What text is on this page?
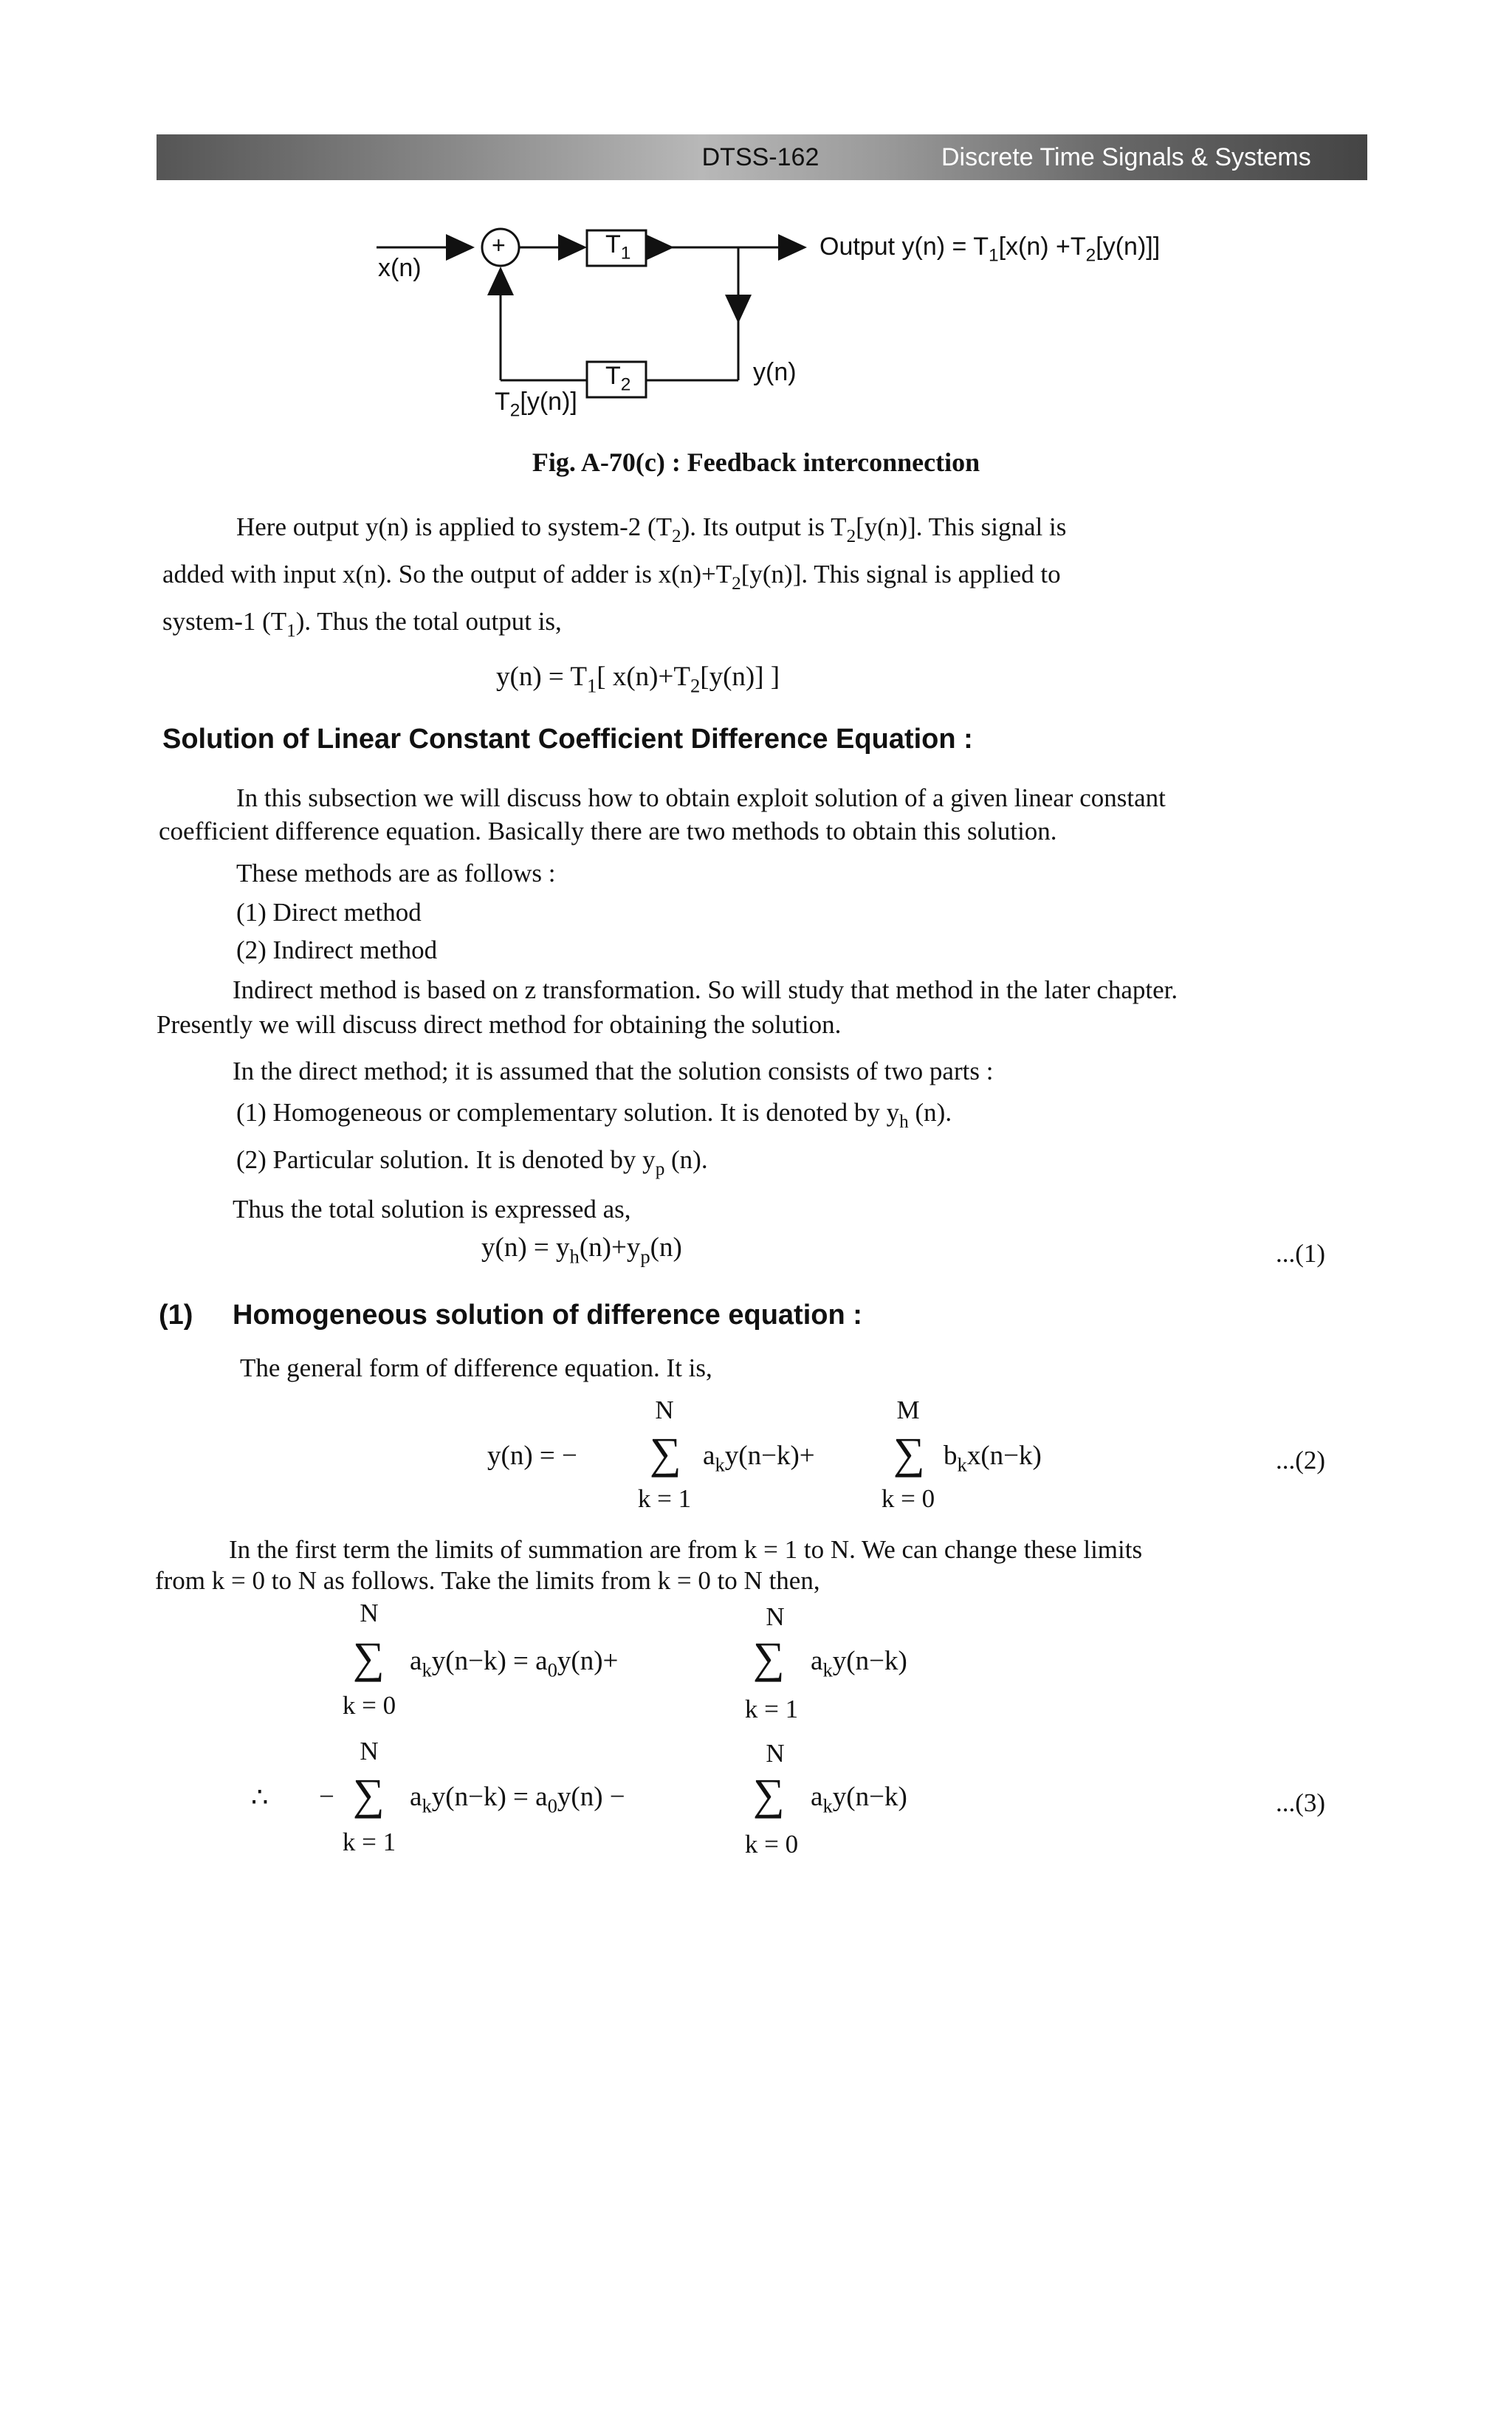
DTSS-162	Discrete Time Signals & Systems
+
x(n)
$T_1$
$T_2$
Output $y(n) = T_1[x(n) +T_2[y(n)]]$
y(n)
$T_2[y(n)]$
Fig. A-70(c) : Feedback interconnection
Here output y(n) is applied to system-2 $(T_2)$. Its output is $T_2[y(n)]$. This signal is
added with input x(n). So the output of adder is $x(n)+T_2[y(n)]$. This signal is applied to
system-1 $(T_1)$. Thus the total output is,
$y(n) = T_1$[ $x(n)+T_2[y(n)]$ ]
Solution of Linear Constant Coefficient Difference Equation :
In this subsection we will discuss how to obtain exploit solution of a given linear constant
coefficient difference equation. Basically there are two methods to obtain this solution.
These methods are as follows :
(1) Direct method
(2) Indirect method
Indirect method is based on z transformation. So will study that method in the later chapter.
Presently we will discuss direct method for obtaining the solution.
In the direct method; it is assumed that the solution consists of two parts :
(1) Homogeneous or complementary solution. It is denoted by $y_h$ (n).
(2) Particular solution. It is denoted by $y_p$ (n).
Thus the total solution is expressed as,
$y(n) = y_h(n)+y_p(n)$	...(1)
(1) Homogeneous solution of difference equation :
The general form of difference equation. It is,
N	M
y(n) = − ∑ $a_ky(n-k)+$ ∑ $b_kx(n-k)$
k = 1	k = 0
...(2)
In the first term the limits of summation are from k = 1 to N. We can change these limits
from k = 0 to N as follows. Take the limits from k = 0 to N then,
N	N
∑ $a_ky(n-k) = a_0y(n)+$	∑ $a_ky(n-k)$
k = 0	k = 1
N	N
∴ − ∑ $a_ky(n-k) = a_0y(n)$ −	∑ $a_ky(n-k)$
k = 1	k = 0
...(3)
